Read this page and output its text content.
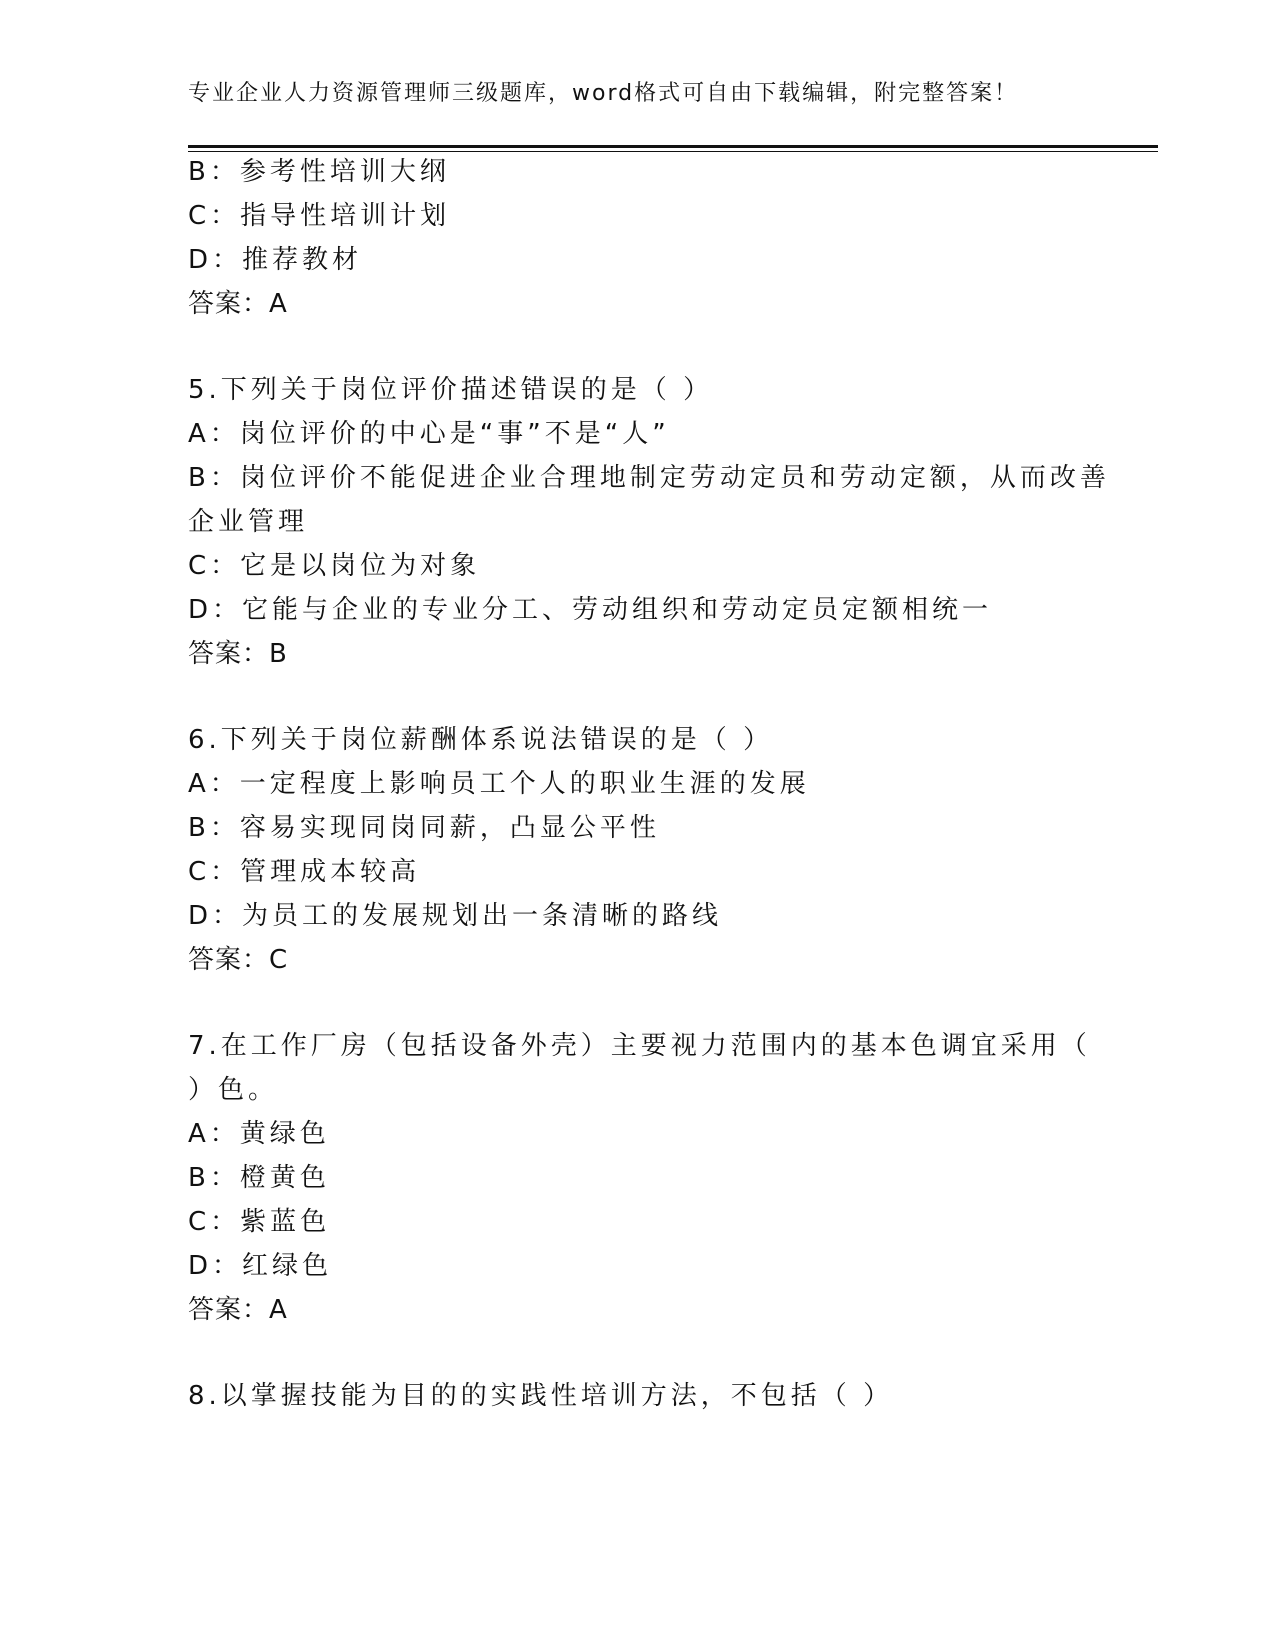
专业企业人力资源管理师三级题库，word格式可自由下载编辑，附完整答案！
B：参考性培训大纲
C：指导性培训计划
D：推荐教材
答案：A
5.下列关于岗位评价描述错误的是（ ）
A：岗位评价的中心是“事”不是“人”
B：岗位评价不能促进企业合理地制定劳动定员和劳动定额，从而改善
企业管理
C：它是以岗位为对象
D：它能与企业的专业分工、劳动组织和劳动定员定额相统一
答案：B
6.下列关于岗位薪酬体系说法错误的是（ ）
A：一定程度上影响员工个人的职业生涯的发展
B：容易实现同岗同薪，凸显公平性
C：管理成本较高
D：为员工的发展规划出一条清晰的路线
答案：C
7.在工作厂房（包括设备外壳）主要视力范围内的基本色调宜采用（
）色。
A：黄绿色
B：橙黄色
C：紫蓝色
D：红绿色
答案：A
8.以掌握技能为目的的实践性培训方法，不包括（ ）
